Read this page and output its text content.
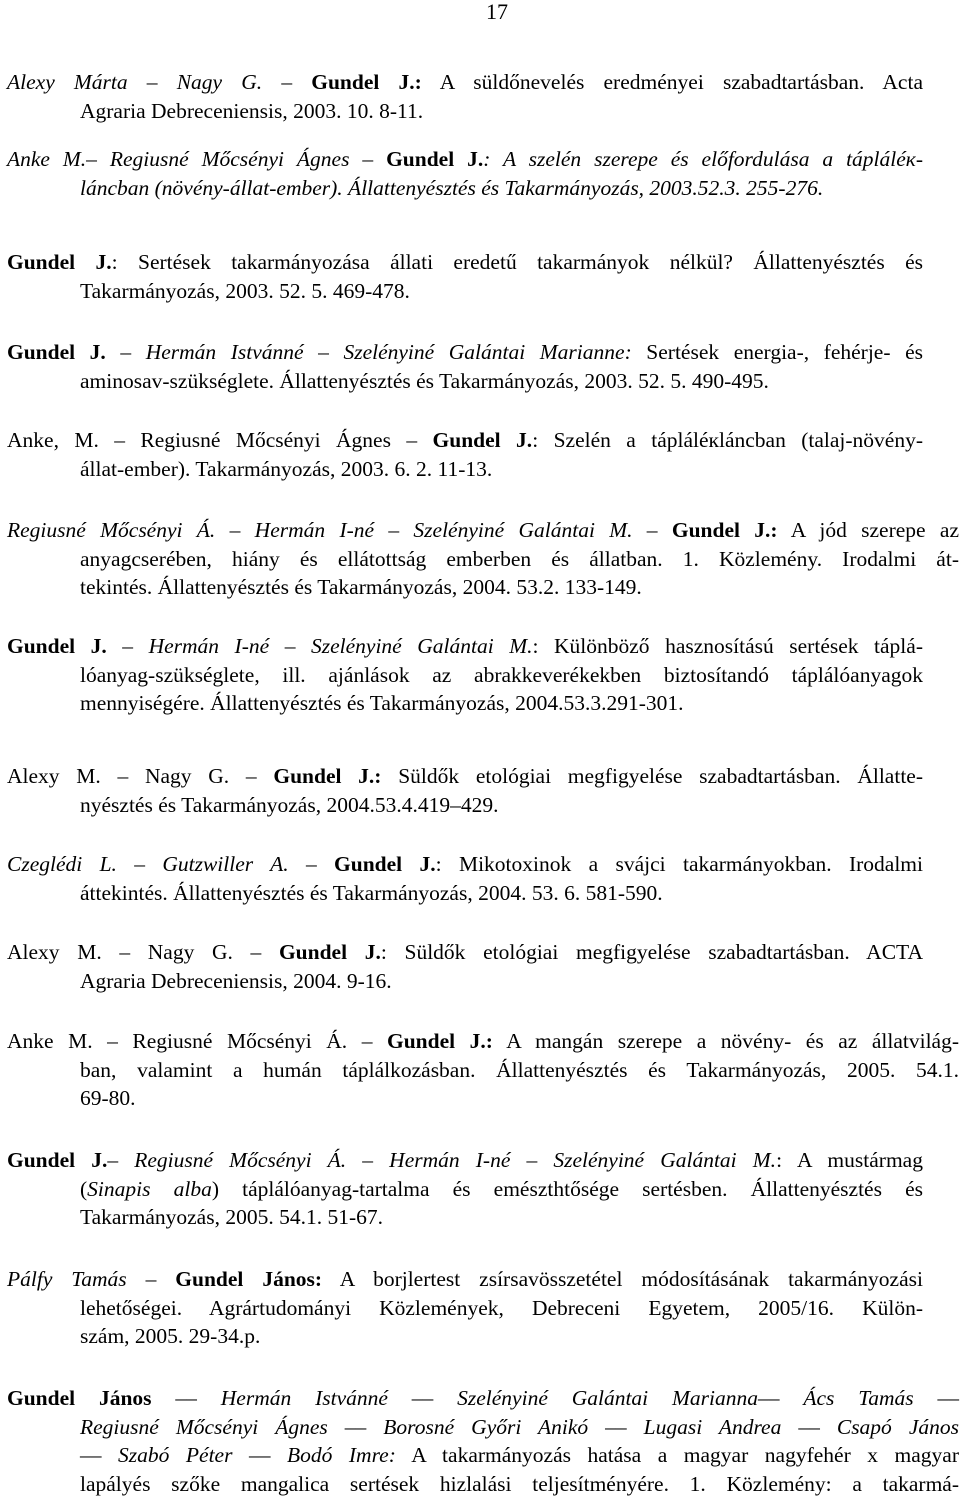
17
Alexy Márta – Nagy G. – Gundel J.: A süldőnevelés eredményei szabadtartásban. Acta
Agraria Debreceniensis, 2003. 10. 8-11.
Anke M.– Regiusné Mőcsényi Ágnes – Gundel J.: A szelén szerepe és előfordulása a tápláléк-
láncban (növény-állat-ember). Állattenyésztés és Takarmányozás, 2003.52.3. 255-276.
Gundel J.: Sertések takarmányozása állati eredetű takarmányok nélkül? Állattenyésztés és
Takarmányozás, 2003. 52. 5. 469-478.
Gundel J. – Hermán Istvánné – Szelényiné Galántai Marianne: Sertések energia-, fehérje- és
aminosav-szükséglete. Állattenyésztés és Takarmányozás, 2003. 52. 5. 490-495.
Anke, M. – Regiusné Mőcsényi Ágnes – Gundel J.: Szelén a tápláléкláncban (talaj-növény-
állat-ember). Takarmányozás, 2003. 6. 2. 11-13.
Regiusné Mőcsényi Á. – Hermán I-né – Szelényiné Galántai M. – Gundel J.: A jód szerepe az
anyagcserében, hiány és ellátottság emberben és állatban. 1. Közlemény. Irodalmi át-
tekintés. Állattenyésztés és Takarmányozás, 2004. 53.2. 133-149.
Gundel J. – Hermán I-né – Szelényiné Galántai M.: Különböző hasznosítású sertések táplá-
lóanyag-szükséglete, ill. ajánlások az abrakkeverékekben biztosítandó táplálóanyagok
mennyiségére. Állattenyésztés és Takarmányozás, 2004.53.3.291-301.
Alexy M. – Nagy G. – Gundel J.: Süldők etológiai megfigyelése szabadtartásban. Állatte-
nyésztés és Takarmányozás, 2004.53.4.419–429.
Czeglédi L. – Gutzwiller A. – Gundel J.: Mikotoxinok a svájci takarmányokban. Irodalmi
áttekintés. Állattenyésztés és Takarmányozás, 2004. 53. 6. 581-590.
Alexy M. – Nagy G. – Gundel J.: Süldők etológiai megfigyelése szabadtartásban. ACTA
Agraria Debreceniensis, 2004. 9-16.
Anke M. – Regiusné Mőcsényi Á. – Gundel J.: A mangán szerepe a növény- és az állatvilág-
ban, valamint a humán táplálkozásban. Állattenyésztés és Takarmányozás, 2005. 54.1.
69-80.
Gundel J.– Regiusné Mőcsényi Á. – Hermán I-né – Szelényiné Galántai M.: A mustármag
(Sinapis alba) táplálóanyag-tartalma és emészthtősége sertésben. Állattenyésztés és
Takarmányozás, 2005. 54.1. 51-67.
Pálfy Tamás – Gundel János: A borjlertest zsírsavösszetétel módosításának takarmányozási
lehetőségei. Agrártudományi Közlemények, Debreceni Egyetem, 2005/16. Külön-
szám, 2005. 29-34.p.
Gundel János –– Hermán Istvánné –– Szelényiné Galántai Marianna–– Ács Tamás ––
Regiusné Mőcsényi Ágnes –– Borosné Győri Anikó –– Lugasi Andrea –– Csapó János
–– Szabó Péter –– Bodó Imre: A takarmányozás hatása a magyar nagyfehér x magyar
lapályés szőke mangalica sertések hizlalási teljesítményére. 1. Közlemény: a takarmá-
